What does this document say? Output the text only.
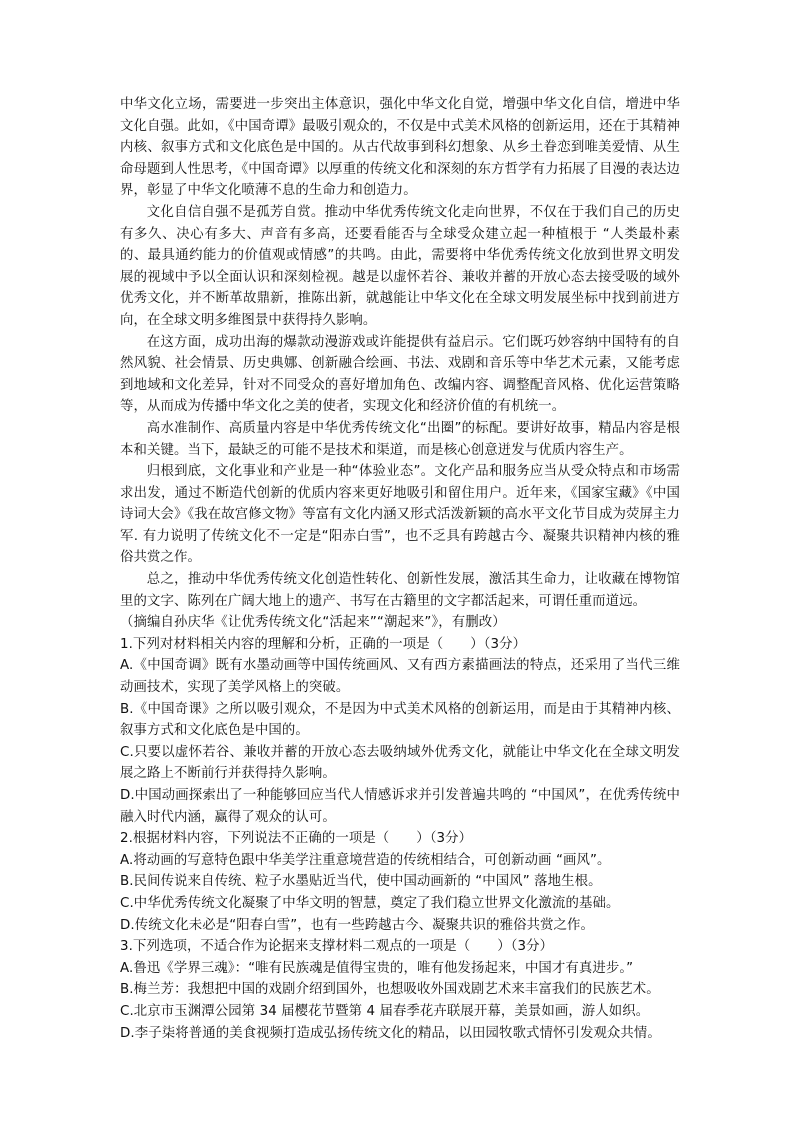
中华文化立场，需要进一步突出主体意识，强化中华文化自觉，增强中华文化自信，增进中华文化自强。此如，《中国奇谭》最吸引观众的，不仅是中式美术风格的创新运用，还在于其精神内核、叙事方式和文化底色是中国的。从古代故事到科幻想象、从乡土眷恋到唯美爱情、从生命母题到人性思考，《中国奇谭》以厚重的传统文化和深刻的东方哲学有力拓展了目漫的表达边界，彰显了中华文化喷薄不息的生命力和创造力。

文化自信自强不是孤芳自赏。推动中华优秀传统文化走向世界，不仅在于我们自己的历史有多久、决心有多大、声音有多高，还要看能否与全球受众建立起一种植根于 “人类最朴素的、最具通约能力的价值观或情感”的共鸣。由此，需要将中华优秀传统文化放到世界文明发展的视域中予以全面认识和深刻检视。越是以虚怀若谷、兼收并蓄的开放心态去接受吸的域外优秀文化，并不断革故鼎新，推陈出新，就越能让中华文化在全球文明发展坐标中找到前进方向，在全球文明多维图景中获得持久影响。

在这方面，成功出海的爆款动漫游戏或许能提供有益启示。它们既巧妙容纳中国特有的自然风貌、社会情景、历史典娜、创新融合绘画、书法、戏剧和音乐等中华艺术元素，又能考虑到地域和文化差异，针对不同受众的喜好增加角色、改编内容、调整配音风格、优化运营策略等，从而成为传播中华文化之美的使者，实现文化和经济价值的有机统一。

高水准制作、高质量内容是中华优秀传统文化“出圈”的标配。要讲好故事，精品内容是根本和关键。当下，最缺乏的可能不是技术和渠道，而是核心创意迸发与优质内容生产。

归根到底，文化事业和产业是一种“体验业态”。文化产品和服务应当从受众特点和市场需求出发，通过不断造代创新的优质内容来更好地吸引和留住用户。近年来，《国家宝藏》《中国诗词大会》《我在故宫修文物》等富有文化内涵又形式活泼新颖的高水平文化节目成为荧屏主力军. 有力说明了传统文化不一定是“阳赤白雪”，也不乏具有跨越古今、凝聚共识精神内核的雅俗共赏之作。

总之，推动中华优秀传统文化创造性转化、创新性发展，激活其生命力，让收藏在博物馆里的文字、陈列在广阔大地上的遗产、书写在古籍里的文字都活起来，可谓任重而道远。

（摘编自孙庆华《让优秀传统文化“活起来”“潮起来”》，有删改）

1.下列对材料相关内容的理解和分析，正确的一项是（　　）（3分）

A.《中国奇调》既有水墨动画等中国传统画风、又有西方素描画法的特点，还采用了当代三维动画技术，实现了美学风格上的突破。

B.《中国奇课》之所以吸引观众，不是因为中式美术风格的创新运用，而是由于其精神内核、叙事方式和文化底色是中国的。

C.只要以虚怀若谷、兼收并蓄的开放心态去吸纳域外优秀文化，就能让中华文化在全球文明发展之路上不断前行并获得持久影响。

D.中国动画探索出了一种能够回应当代人情感诉求并引发普遍共鸣的 “中国风”，在优秀传统中融入时代内涵，赢得了观众的认可。

2.根据材料内容，下列说法不正确的一项是（　　）（3分）

A.将动画的写意特色跟中华美学注重意境营造的传统相结合，可创新动画 “画风”。

B.民间传说来自传统、粒子水墨贴近当代，使中国动画新的 “中国风” 落地生根。

C.中华优秀传统文化凝聚了中华文明的智慧，奠定了我们稳立世界文化激流的基础。

D.传统文化未必是“阳春白雪”，也有一些跨越古今、凝聚共识的雅俗共赏之作。

3.下列选项，不适合作为论据来支撑材料二观点的一项是（　　）（3分）

A.鲁迅《学界三魂》：“唯有民族魂是值得宝贵的，唯有他发扬起来，中国才有真进步。”

B.梅兰芳：我想把中国的戏剧介绍到国外，也想吸收外国戏剧艺术来丰富我们的民族艺术。

C.北京市玉渊潭公园第 34 届樱花节暨第 4 届春季花卉联展开幕，美景如画，游人如织。

D.李子柒将普通的美食视频打造成弘扬传统文化的精品，以田园牧歌式情怀引发观众共情。
